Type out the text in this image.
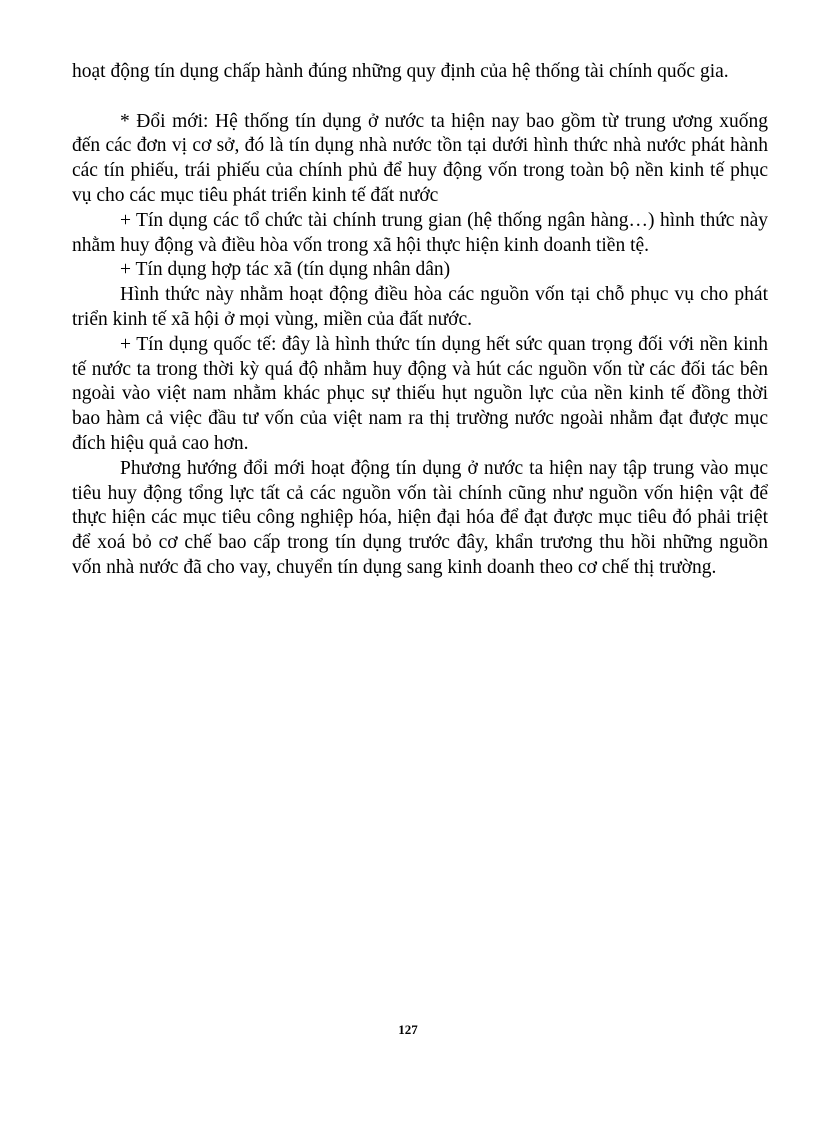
hoạt động tín dụng chấp hành đúng những quy định của hệ thống tài chính quốc gia.

* Đổi mới: Hệ thống tín dụng ở nước ta hiện nay bao gồm từ trung ương xuống đến các đơn vị cơ sở, đó là tín dụng nhà nước tồn tại dưới hình thức nhà nước phát hành các tín phiếu, trái phiếu của chính phủ để huy động vốn trong toàn bộ nền kinh tế phục vụ cho các mục tiêu phát triển kinh tế đất nước

+ Tín dụng các tổ chức tài chính trung gian (hệ thống ngân hàng…) hình thức này nhằm huy động và điều hòa vốn trong xã hội thực hiện kinh doanh tiền tệ.

+ Tín dụng hợp tác xã (tín dụng nhân dân)

Hình thức này nhằm hoạt động điều hòa các nguồn vốn tại chỗ phục vụ cho phát triển kinh tế xã hội ở mọi vùng, miền của đất nước.

+ Tín dụng quốc tế: đây là hình thức tín dụng hết sức quan trọng đối với nền kinh tế nước ta trong thời kỳ quá độ nhằm huy động và hút các nguồn vốn từ các đối tác bên ngoài vào việt nam nhằm khác phục sự thiếu hụt nguồn lực của nền kinh tế đồng thời bao hàm cả việc đầu tư vốn của việt nam ra thị trường nước ngoài nhằm đạt được mục đích hiệu quả cao hơn.

Phương hướng đổi mới hoạt động tín dụng ở nước ta hiện nay tập trung vào mục tiêu huy động tổng lực tất cả các nguồn vốn tài chính cũng như nguồn vốn hiện vật để thực hiện các mục tiêu công nghiệp hóa, hiện đại hóa để đạt được mục tiêu đó phải triệt để xoá bỏ cơ chế bao cấp trong tín dụng trước đây, khẩn trương thu hồi những nguồn vốn nhà nước đã cho vay, chuyển tín dụng sang kinh doanh theo cơ chế thị trường.

127
